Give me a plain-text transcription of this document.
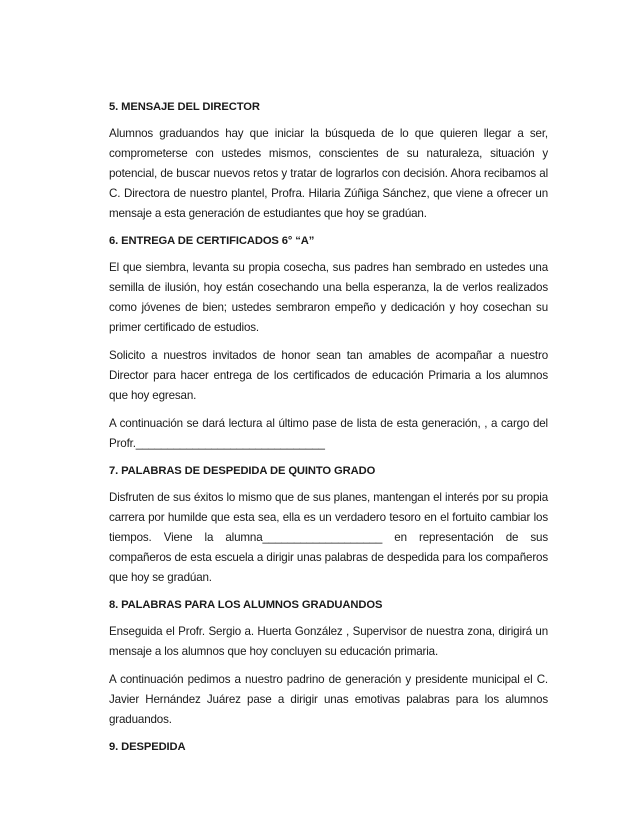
5. MENSAJE DEL DIRECTOR

Alumnos graduandos hay que iniciar la búsqueda de lo que quieren llegar a ser, comprometerse con ustedes mismos, conscientes de su naturaleza, situación y potencial, de buscar nuevos retos y tratar de lograrlos con decisión. Ahora recibamos al C. Directora de nuestro plantel, Profra. Hilaria Zúñiga Sánchez, que viene a ofrecer un mensaje a esta generación de estudiantes que hoy se gradúan.

6. ENTREGA DE CERTIFICADOS 6° “A”

El que siembra, levanta su propia cosecha, sus padres han sembrado en ustedes una semilla de ilusión, hoy están cosechando una bella esperanza, la de verlos realizados como jóvenes de bien; ustedes sembraron empeño y dedicación y hoy cosechan su primer certificado de estudios.

Solicito a nuestros invitados de honor sean tan amables de acompañar a nuestro Director para hacer entrega de los certificados de educación Primaria a los alumnos que hoy egresan.

A continuación se dará lectura al último pase de lista de esta generación, , a cargo del Profr.______________________________

7. PALABRAS DE DESPEDIDA DE QUINTO GRADO

Disfruten de sus éxitos lo mismo que de sus planes, mantengan el interés por su propia carrera por humilde que esta sea, ella es un verdadero tesoro en el fortuito cambiar los tiempos. Viene la alumna___________________ en representación de sus compañeros de esta escuela a dirigir unas palabras de despedida para los compañeros que hoy se gradúan.

8. PALABRAS PARA LOS ALUMNOS GRADUANDOS

Enseguida el Profr. Sergio a. Huerta González , Supervisor de nuestra zona, dirigirá un mensaje a los alumnos que hoy concluyen su educación primaria.

A continuación pedimos a nuestro padrino de generación y presidente municipal el C. Javier Hernández Juárez pase a dirigir unas emotivas palabras para los alumnos graduandos.

9. DESPEDIDA
